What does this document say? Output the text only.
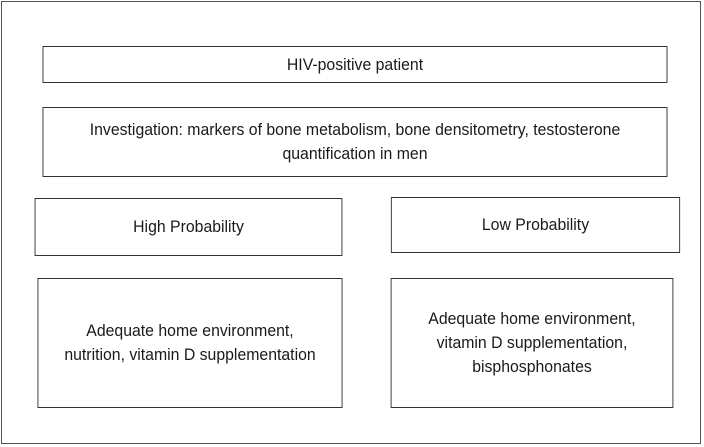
HIV-positive patient
Investigation: markers of bone metabolism, bone densitometry, testosterone
quantification in men
High Probability	Low Probability
Adequate home environment,
nutrition, vitamin D supplementation
Adequate home environment,
vitamin D supplementation,
bisphosphonates
